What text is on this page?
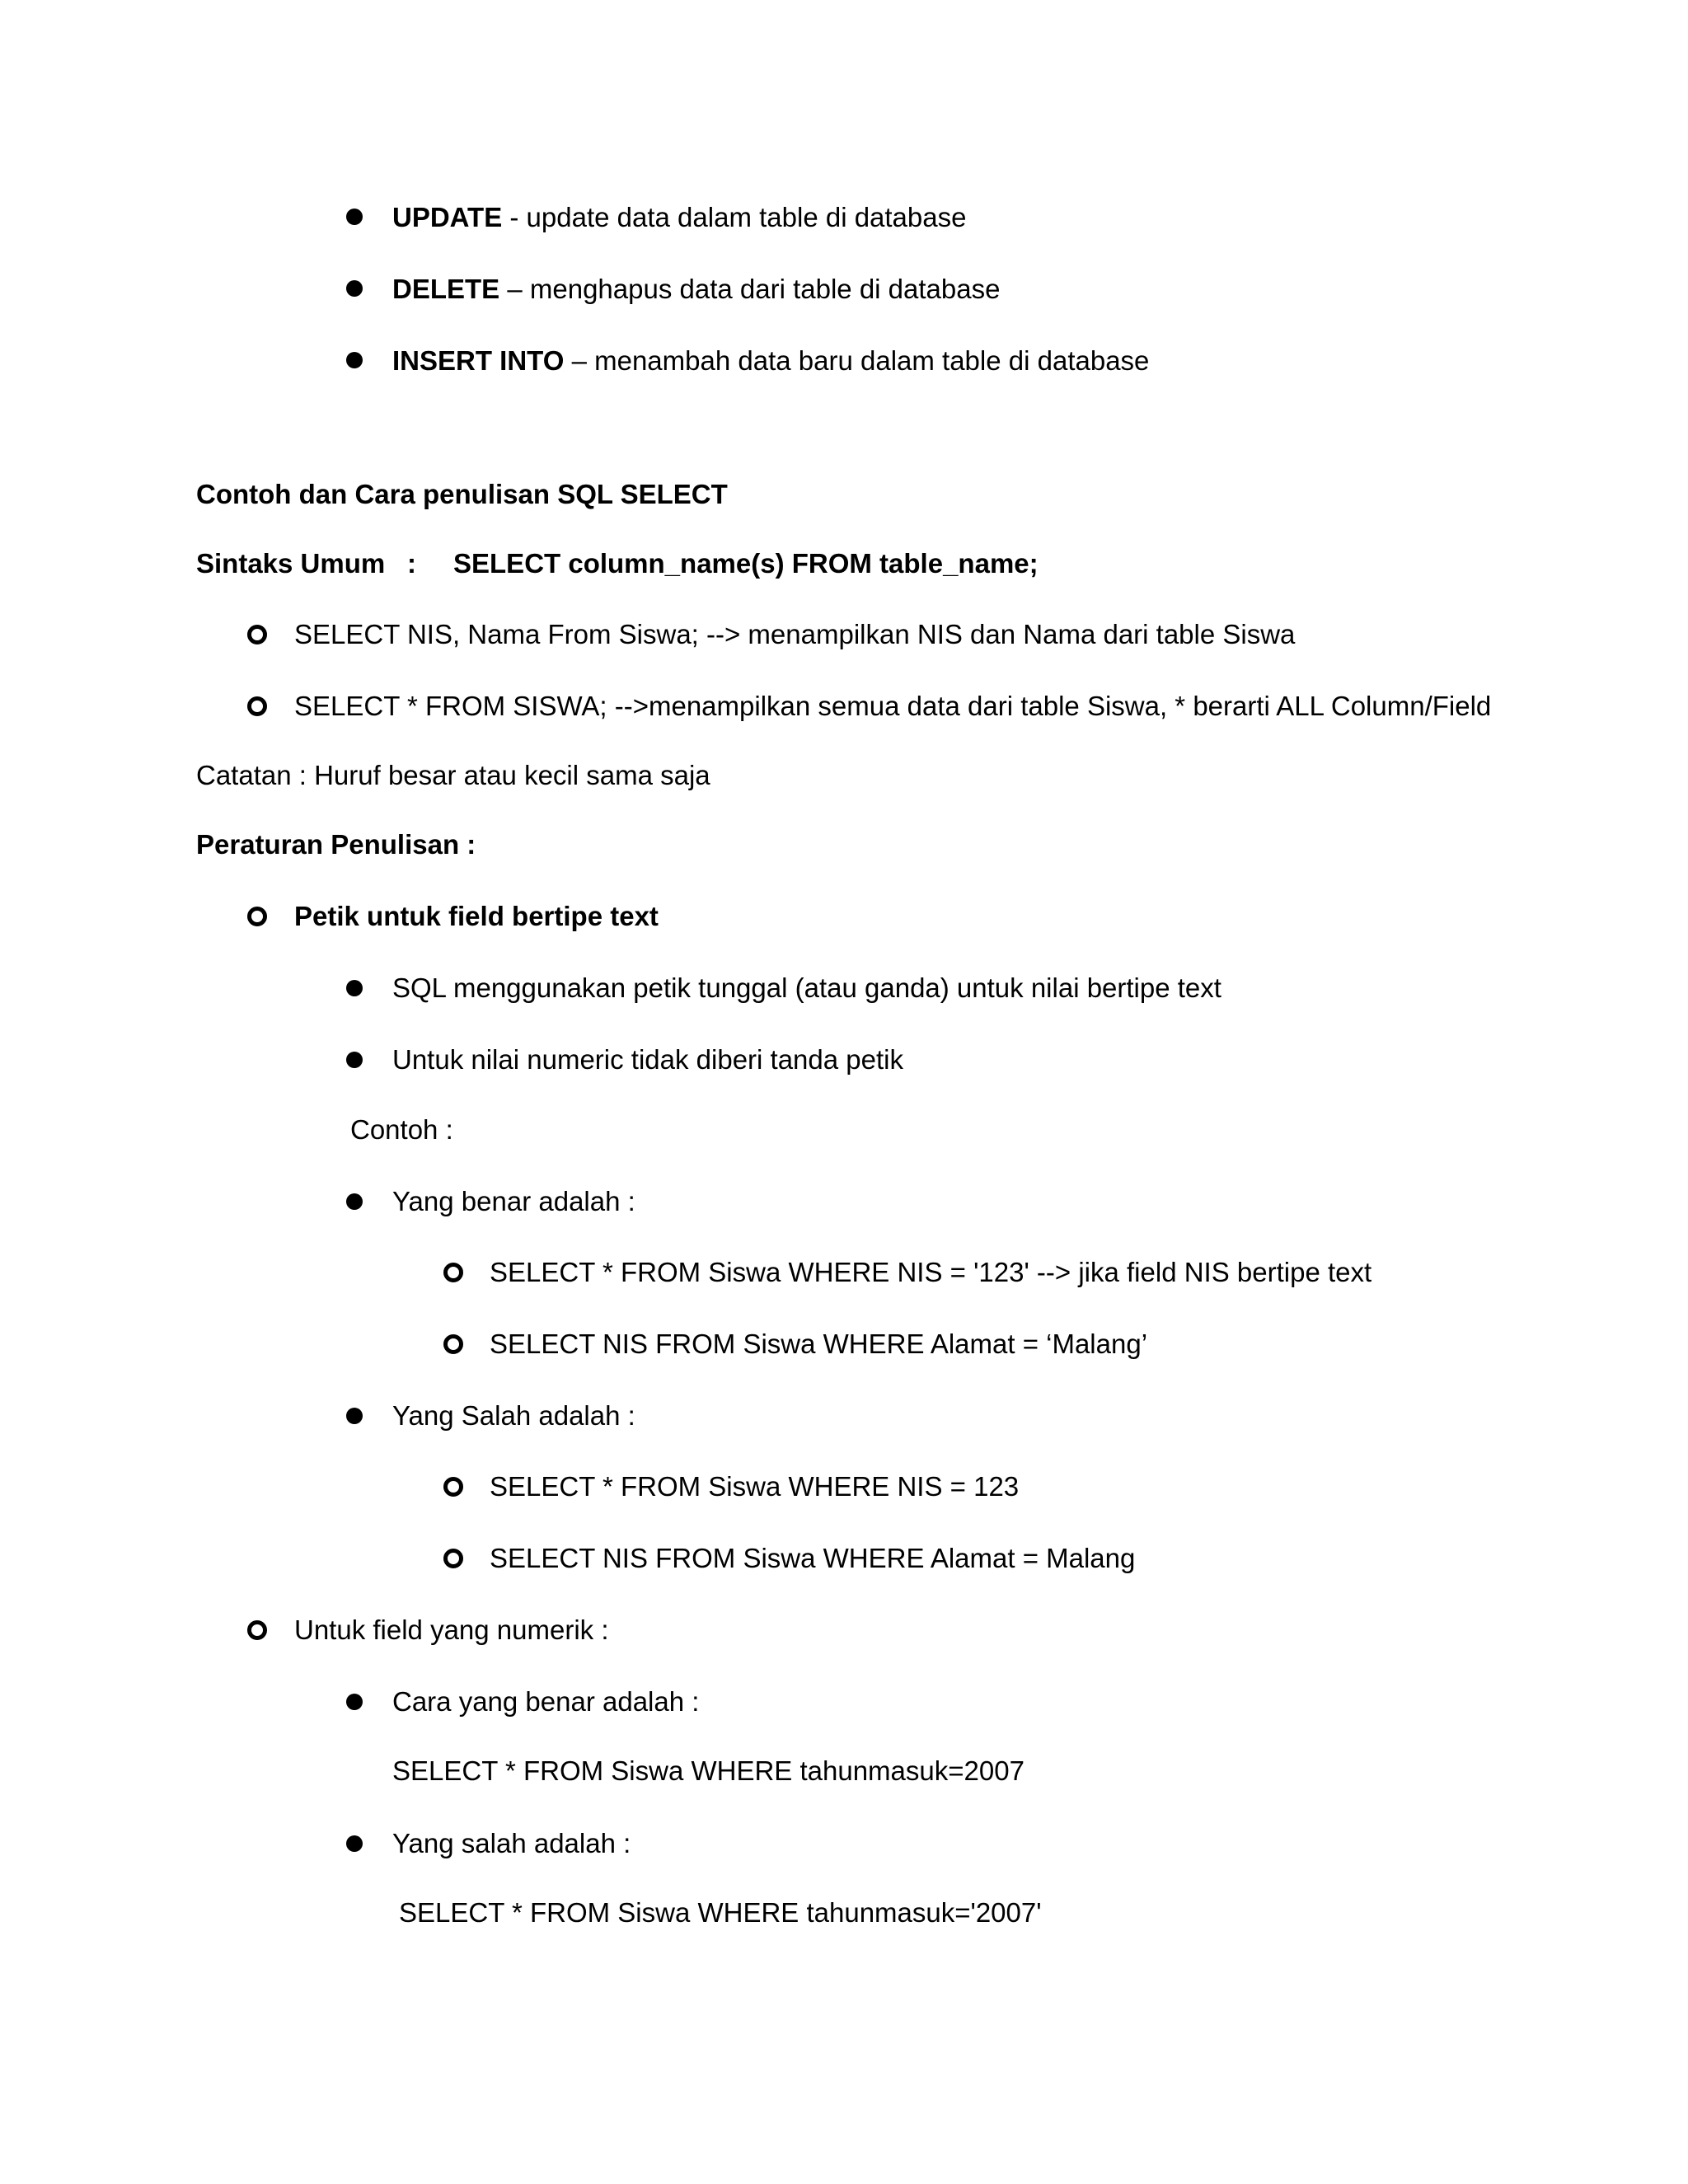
UPDATE - update data dalam table di database
DELETE – menghapus data dari table di database
INSERT INTO – menambah data baru dalam table di database
Contoh dan Cara penulisan SQL SELECT
Sintaks Umum : SELECT column_name(s) FROM table_name;
SELECT NIS, Nama From Siswa; --> menampilkan NIS dan Nama dari table Siswa
SELECT * FROM SISWA; -->menampilkan semua data dari table Siswa, * berarti ALL Column/Field
Catatan : Huruf besar atau kecil sama saja
Peraturan Penulisan :
Petik untuk field bertipe text
SQL menggunakan petik tunggal (atau ganda) untuk nilai bertipe text
Untuk nilai numeric tidak diberi tanda petik
Contoh :
Yang benar adalah :
SELECT * FROM Siswa WHERE NIS = '123' --> jika field NIS bertipe text
SELECT NIS FROM Siswa WHERE Alamat = ‘Malang’
Yang Salah adalah :
SELECT * FROM Siswa WHERE NIS = 123
SELECT NIS FROM Siswa WHERE Alamat = Malang
Untuk field yang numerik :
Cara yang benar adalah :
SELECT * FROM Siswa WHERE tahunmasuk=2007
Yang salah adalah :
SELECT * FROM Siswa WHERE tahunmasuk='2007'
